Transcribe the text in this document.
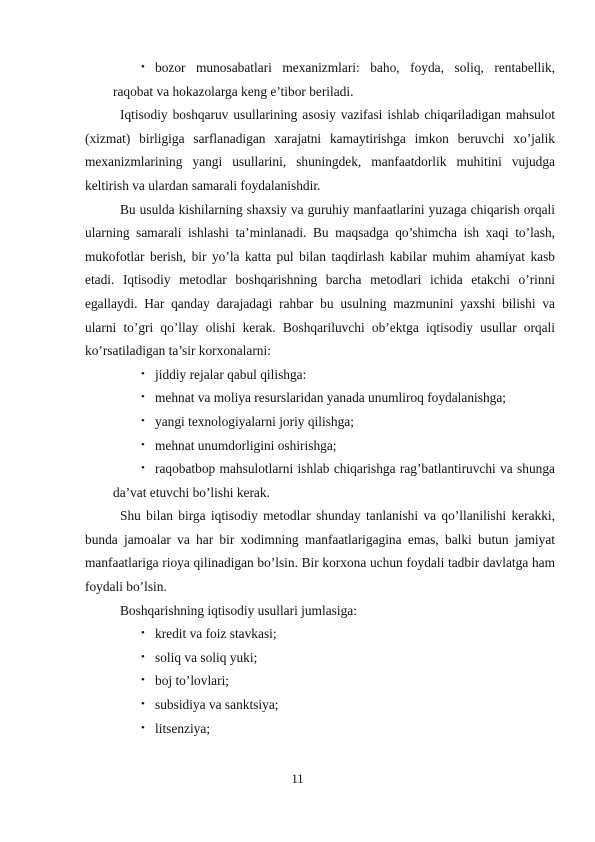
• bozor munosabatlari mexanizmlari: baho, foyda, soliq, rentabellik, raqobat va hokazolarga keng e’tibor beriladi.

Iqtisodiy boshqaruv usullarining asosiy vazifasi ishlab chiqariladigan mahsulot (xizmat) birligiga sarflanadigan xarajatni kamaytirishga imkon beruvchi xo’jalik mexanizmlarining yangi usullarini, shuningdek, manfaatdorlik muhitini vujudga keltirish va ulardan samarali foydalanishdir.

Bu usulda kishilarning shaxsiy va guruhiy manfaatlarini yuzaga chiqarish orqali ularning samarali ishlashi ta’minlanadi. Bu maqsadga qo’shimcha ish xaqi to’lash, mukofotlar berish, bir yo’la katta pul bilan taqdirlash kabilar muhim ahamiyat kasb etadi. Iqtisodiy metodlar boshqarishning barcha metodlari ichida etakchi o’rinni egallaydi. Har qanday darajadagi rahbar bu usulning mazmunini yaxshi bilishi va ularni to’gri qo’llay olishi kerak. Boshqariluvchi ob’ektga iqtisodiy usullar orqali ko’rsatiladigan ta’sir korxonalarni:

• jiddiy rejalar qabul qilishga:
• mehnat va moliya resurslaridan yanada unumliroq foydalanishga;
• yangi texnologiyalarni joriy qilishga;
• mehnat unumdorligini oshirishga;
• raqobatbop mahsulotlarni ishlab chiqarishga rag’batlantiruvchi va shunga da’vat etuvchi bo’lishi kerak.

Shu bilan birga iqtisodiy metodlar shunday tanlanishi va qo’llanilishi kerakki, bunda jamoalar va har bir xodimning manfaatlarigagina emas, balki butun jamiyat manfaatlariga rioya qilinadigan bo’lsin. Bir korxona uchun foydali tadbir davlatga ham foydali bo’lsin.

Boshqarishning iqtisodiy usullari jumlasiga:

• kredit va foiz stavkasi;
• soliq va soliq yuki;
• boj to’lovlari;
• subsidiya va sanktsiya;
• litsenziya;
11
